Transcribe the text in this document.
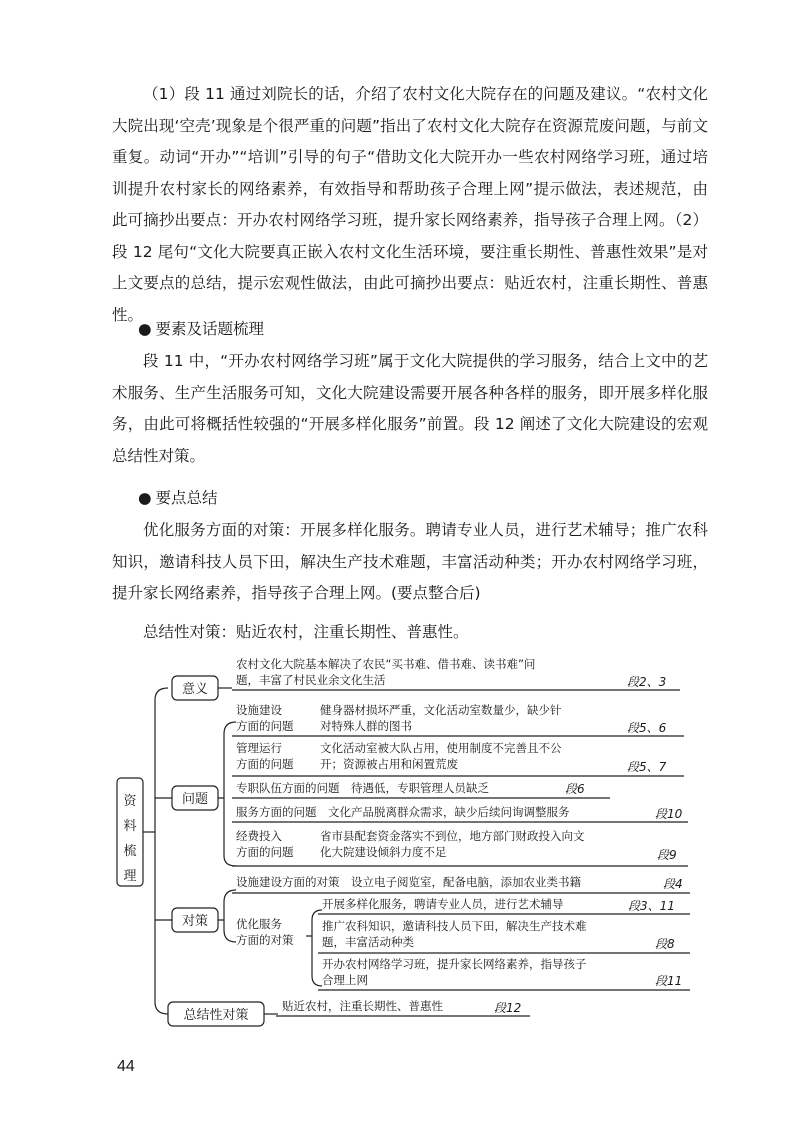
（1）段 11 通过刘院长的话，介绍了农村文化大院存在的问题及建议。“农村文化大院出现‘空壳’现象是个很严重的问题”指出了农村文化大院存在资源荒废问题，与前文重复。动词“开办”“培训”引导的句子“借助文化大院开办一些农村网络学习班，通过培训提升农村家长的网络素养，有效指导和帮助孩子合理上网”提示做法，表述规范，由此可摘抄出要点：开办农村网络学习班，提升家长网络素养，指导孩子合理上网。（2）段 12 尾句“文化大院要真正嵌入农村文化生活环境，要注重长期性、普惠性效果”是对上文要点的总结，提示宏观性做法，由此可摘抄出要点：贴近农村，注重长期性、普惠性。

● 要素及话题梳理

段 11 中，“开办农村网络学习班”属于文化大院提供的学习服务，结合上文中的艺术服务、生产生活服务可知，文化大院建设需要开展各种各样的服务，即开展多样化服务，由此可将概括性较强的“开展多样化服务”前置。段 12 阐述了文化大院建设的宏观总结性对策。

● 要点总结

优化服务方面的对策：开展多样化服务。聘请专业人员，进行艺术辅导；推广农科知识，邀请科技人员下田，解决生产技术难题，丰富活动种类；开办农村网络学习班，提升家长网络素养，指导孩子合理上网。(要点整合后)

总结性对策：贴近农村，注重长期性、普惠性。

资
料
梳
理
意义
农村文化大院基本解决了农民“买书难、借书难、读书难”问
题，丰富了村民业余文化生活	段2、3
问题
设施建设
方面的问题
健身器材损坏严重，文化活动室数量少，缺少针
对特殊人群的图书	段5、6
管理运行
方面的问题
文化活动室被大队占用，使用制度不完善且不公
开；资源被占用和闲置荒废	段5、7
专职队伍方面的问题　待遇低，专职管理人员缺乏	段6
服务方面的问题　文化产品脱离群众需求，缺少后续问询调整服务	段10
经费投入
方面的问题
省市县配套资金落实不到位，地方部门财政投入向文
化大院建设倾斜力度不足	段9
对策
设施建设方面的对策　设立电子阅览室，配备电脑，添加农业类书籍	段4
优化服务
方面的对策
开展多样化服务，聘请专业人员，进行艺术辅导	段3、11
推广农科知识，邀请科技人员下田，解决生产技术难
题，丰富活动种类	段8
开办农村网络学习班，提升家长网络素养，指导孩子
合理上网	段11
总结性对策
贴近农村，注重长期性、普惠性	段12
44
